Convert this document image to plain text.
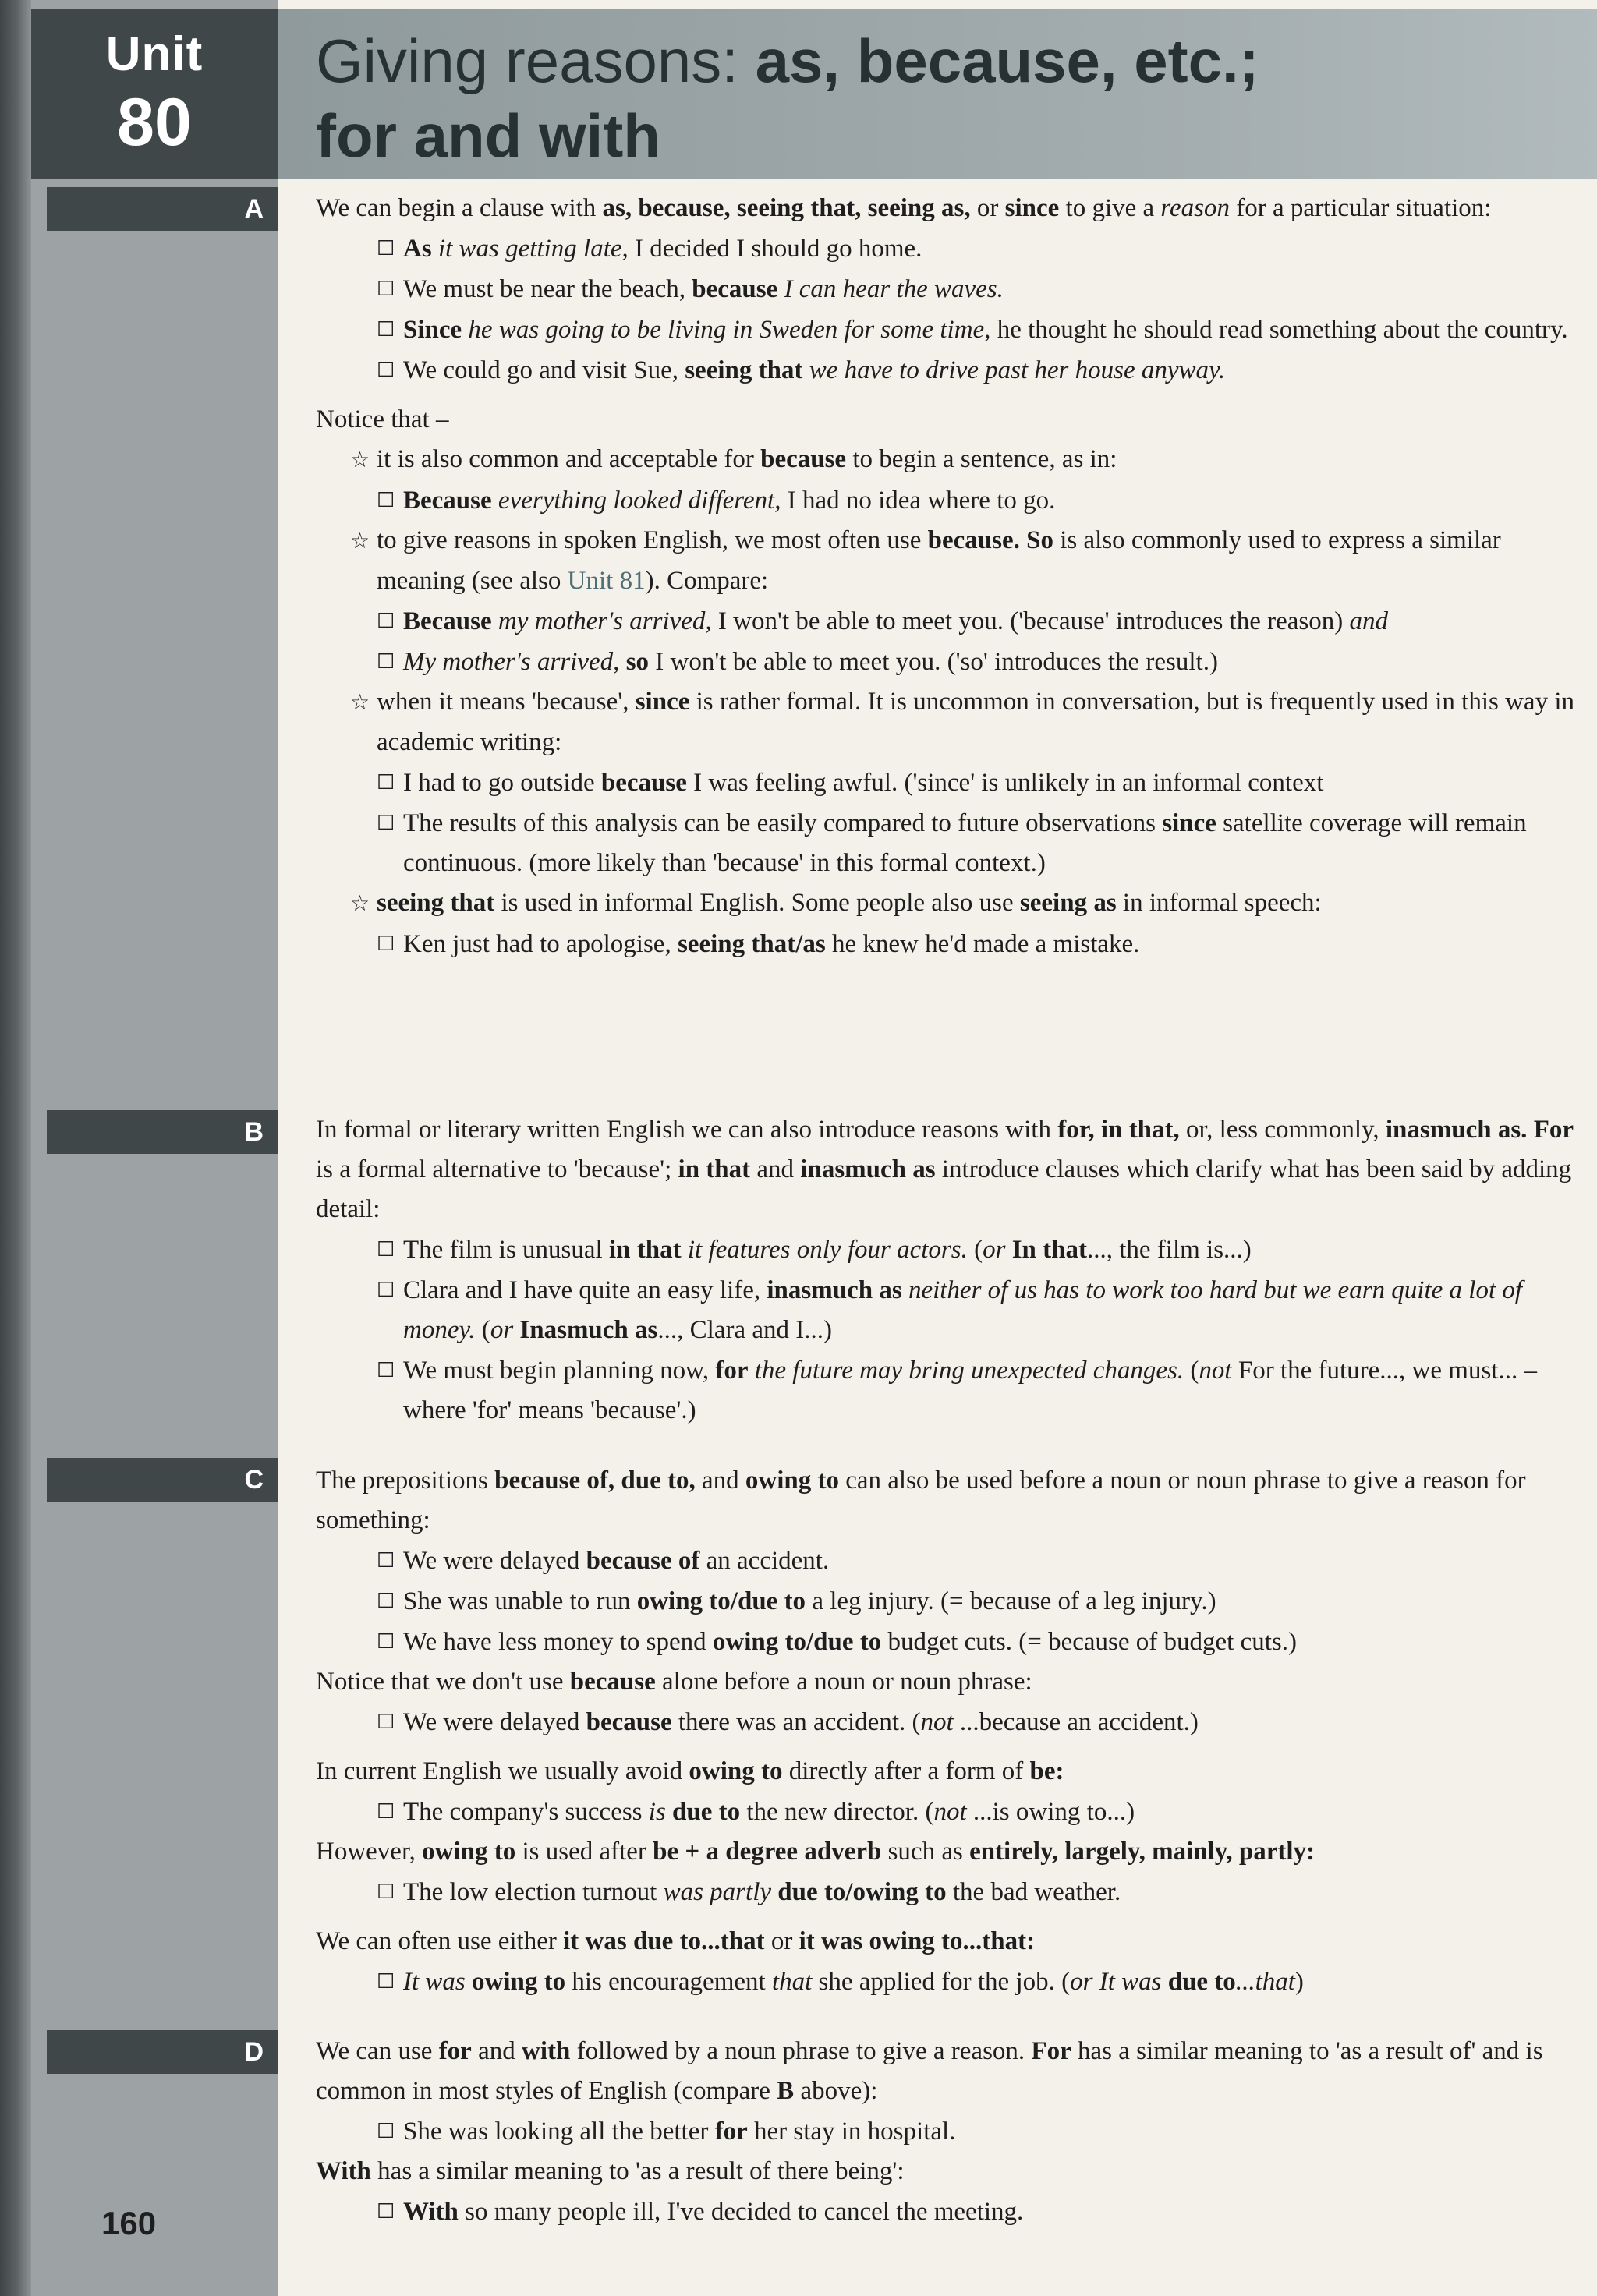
Unit
80
Giving reasons: as, because, etc.;
for and with
A We can begin a clause with as, because, seeing that, seeing as, or since to give a reason for a particular situation:

☐ As it was getting late, I decided I should go home.

☐ We must be near the beach, because I can hear the waves.

☐ Since he was going to be living in Sweden for some time, he thought he should read something about the country.

☐ We could go and visit Sue, seeing that we have to drive past her house anyway.

Notice that –

☆ it is also common and acceptable for because to begin a sentence, as in:

☐ Because everything looked different, I had no idea where to go.

☆ to give reasons in spoken English, we most often use because. So is also commonly used to express a similar meaning (see also Unit 81). Compare:

☐ Because my mother's arrived, I won't be able to meet you. ('because' introduces the reason) and

☐ My mother's arrived, so I won't be able to meet you. ('so' introduces the result.)

☆ when it means 'because', since is rather formal. It is uncommon in conversation, but is frequently used in this way in academic writing:

☐ I had to go outside because I was feeling awful. ('since' is unlikely in an informal context

☐ The results of this analysis can be easily compared to future observations since satellite coverage will remain continuous. (more likely than 'because' in this formal context.)

☆ seeing that is used in informal English. Some people also use seeing as in informal speech:

☐ Ken just had to apologise, seeing that/as he knew he'd made a mistake.

B In formal or literary written English we can also introduce reasons with for, in that, or, less commonly, inasmuch as. For is a formal alternative to 'because'; in that and inasmuch as introduce clauses which clarify what has been said by adding detail:

☐ The film is unusual in that it features only four actors. (or In that..., the film is...)

☐ Clara and I have quite an easy life, inasmuch as neither of us has to work too hard but we earn quite a lot of money. (or Inasmuch as..., Clara and I...)

☐ We must begin planning now, for the future may bring unexpected changes. (not For the future..., we must... – where 'for' means 'because'.)

C The prepositions because of, due to, and owing to can also be used before a noun or noun phrase to give a reason for something:

☐ We were delayed because of an accident.

☐ She was unable to run owing to/due to a leg injury. (= because of a leg injury.)

☐ We have less money to spend owing to/due to budget cuts. (= because of budget cuts.)

Notice that we don't use because alone before a noun or noun phrase:

☐ We were delayed because there was an accident. (not ...because an accident.)

In current English we usually avoid owing to directly after a form of be:

☐ The company's success is due to the new director. (not ...is owing to...)

However, owing to is used after be + a degree adverb such as entirely, largely, mainly, partly:

☐ The low election turnout was partly due to/owing to the bad weather.

We can often use either it was due to...that or it was owing to...that:

☐ It was owing to his encouragement that she applied for the job. (or It was due to...that)

D We can use for and with followed by a noun phrase to give a reason. For has a similar meaning to 'as a result of' and is common in most styles of English (compare B above):

☐ She was looking all the better for her stay in hospital.

With has a similar meaning to 'as a result of there being':

☐ With so many people ill, I've decided to cancel the meeting.

160
